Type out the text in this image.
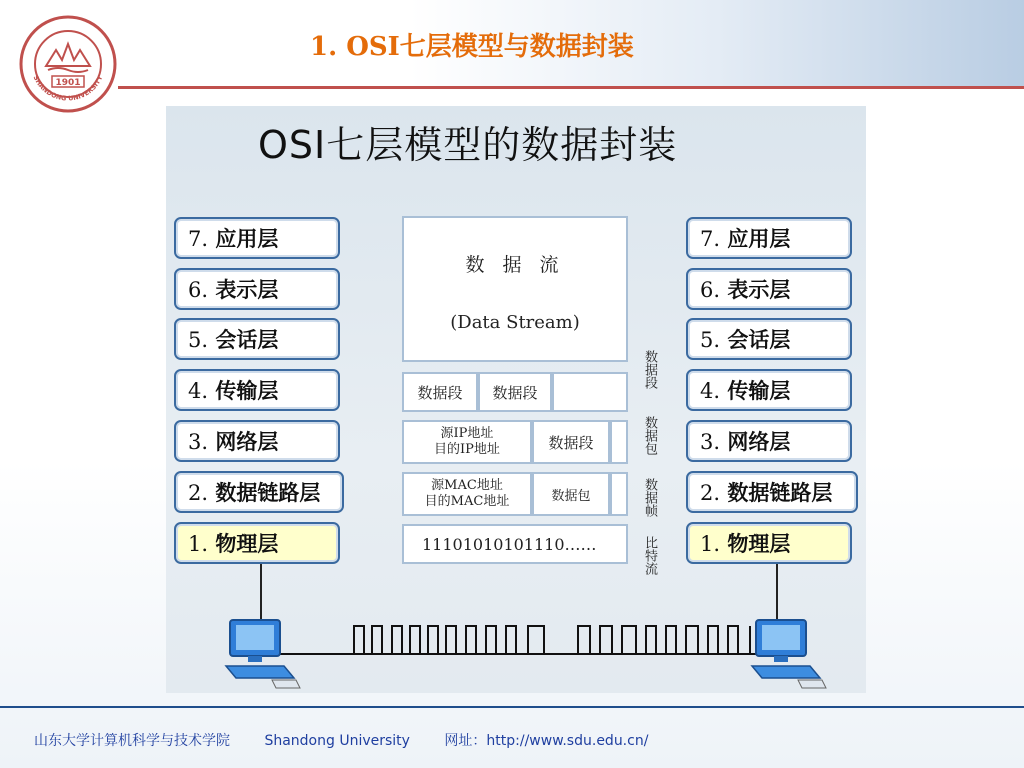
1901
SHANDONG UNIVERSITY
1. OSI七层模型与数据封装
OSI七层模型的数据封装
7. 应用层
6. 表示层
5. 会话层
4. 传输层
3. 网络层
2. 数据链路层
1. 物理层
7. 应用层
6. 表示层
5. 会话层
4. 传输层
3. 网络层
2. 数据链路层
1. 物理层
数 据 流
(Data Stream)
数据段	数据段
源IP地址
目的IP地址	数据段
源MAC地址
目的MAC地址	数据包
11101010101110……
数据段
数据包
数据帧
比特流
山东大学计算机科学与技术学院 Shandong University 网址：http://www.sdu.edu.cn/
